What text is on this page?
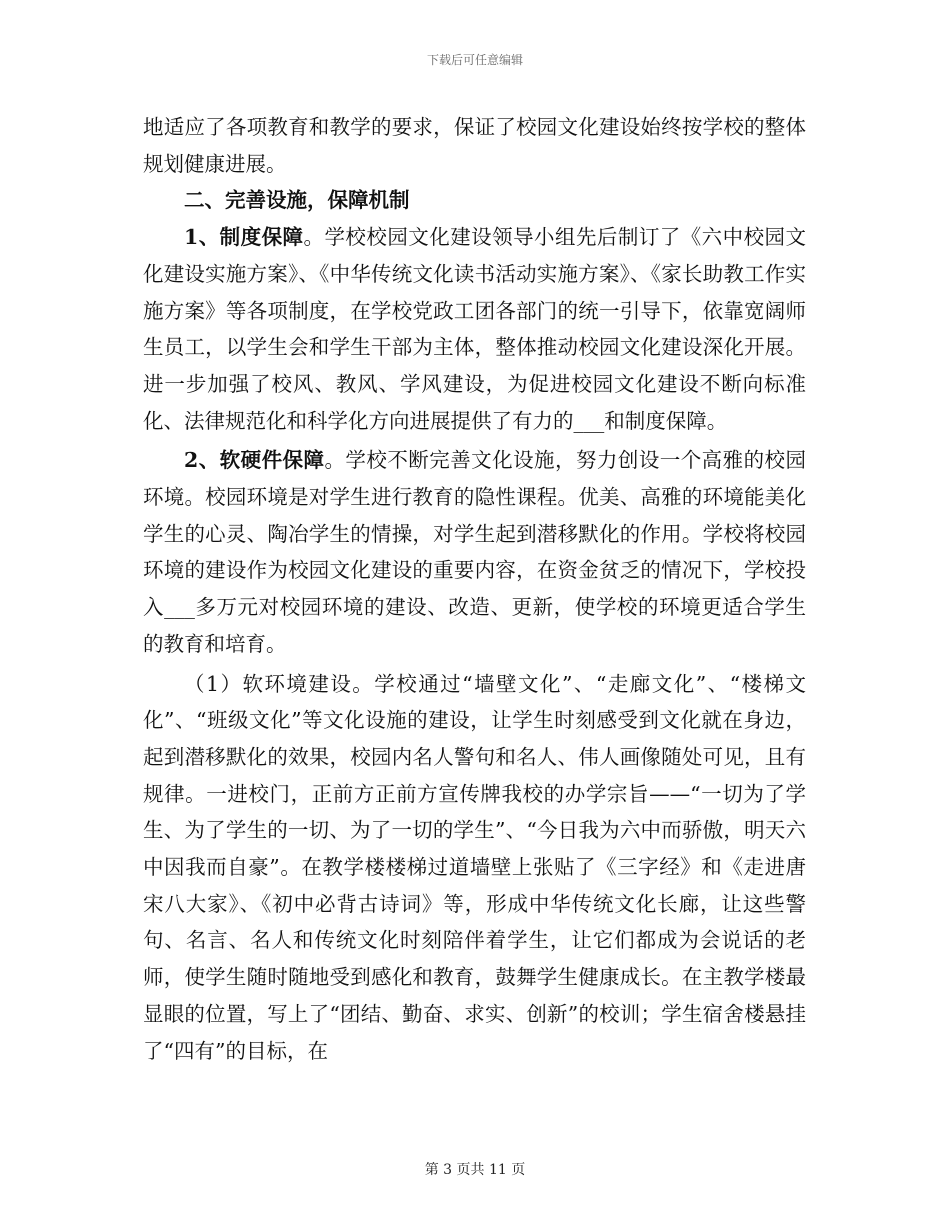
下载后可任意编辑

地适应了各项教育和教学的要求，保证了校园文化建设始终按学校的整体规划健康进展。

二、完善设施，保障机制

1、制度保障。学校校园文化建设领导小组先后制订了《六中校园文化建设实施方案》、《中华传统文化读书活动实施方案》、《家长助教工作实施方案》等各项制度，在学校党政工团各部门的统一引导下，依靠宽阔师生员工，以学生会和学生干部为主体，整体推动校园文化建设深化开展。进一步加强了校风、教风、学风建设，为促进校园文化建设不断向标准化、法律规范化和科学化方向进展提供了有力的___和制度保障。

2、软硬件保障。学校不断完善文化设施，努力创设一个高雅的校园环境。校园环境是对学生进行教育的隐性课程。优美、高雅的环境能美化学生的心灵、陶冶学生的情操，对学生起到潜移默化的作用。学校将校园环境的建设作为校园文化建设的重要内容，在资金贫乏的情况下，学校投入___多万元对校园环境的建设、改造、更新，使学校的环境更适合学生的教育和培育。

（1）软环境建设。学校通过“墙壁文化”、“走廊文化”、“楼梯文化”、“班级文化”等文化设施的建设，让学生时刻感受到文化就在身边，起到潜移默化的效果，校园内名人警句和名人、伟人画像随处可见，且有规律。一进校门，正前方正前方宣传牌我校的办学宗旨——“一切为了学生、为了学生的一切、为了一切的学生”、“今日我为六中而骄傲，明天六中因我而自豪”。在教学楼楼梯过道墙壁上张贴了《三字经》和《走进唐宋八大家》、《初中必背古诗词》等，形成中华传统文化长廊，让这些警句、名言、名人和传统文化时刻陪伴着学生，让它们都成为会说话的老师，使学生随时随地受到感化和教育，鼓舞学生健康成长。在主教学楼最显眼的位置，写上了“团结、勤奋、求实、创新”的校训；学生宿舍楼悬挂了“四有”的目标，在

第 3 页共 11 页
